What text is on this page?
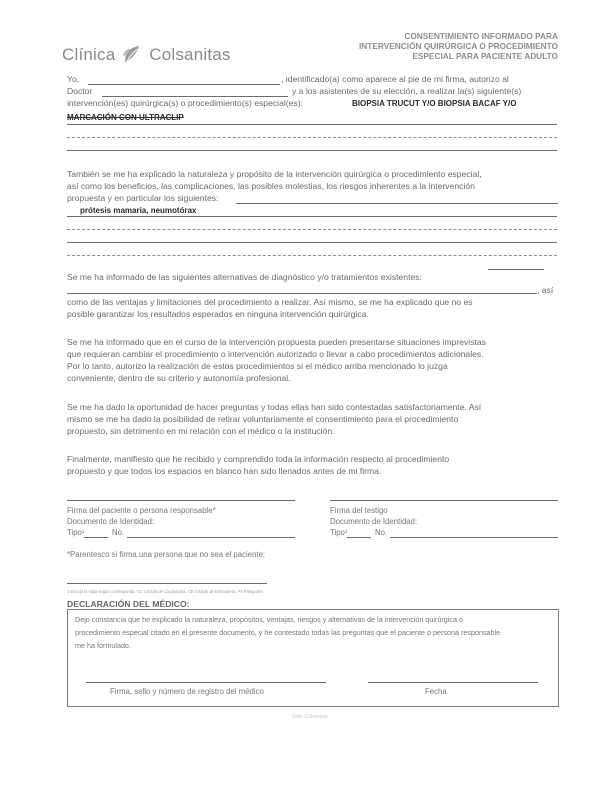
Clínica Colsanitas
CONSENTIMIENTO INFORMADO PARA
INTERVENCIÓN QUIRÚRGICA O PROCEDIMIENTO
ESPECIAL PARA PACIENTE ADULTO
Yo,	, identificado(a) como aparece al pie de mi firma, autorizo al
Doctor	y a los asistentes de su elección, a realizar la(s) siguiente(s)
intervención(es) quirúrgica(s) o procedimiento(s) especial(es):	BIOPSIA TRUCUT Y/O BIOPSIA BACAF Y/O
MARCACIÓN CON ULTRACLIP
También se me ha explicado la naturaleza y propósito de la intervención quirúrgica o procedimiento especial,
así como los beneficios, las complicaciones, las posibles molestias, los riesgos inherentes a la intervención
propuesta y en particular los siguientes:
prótesis mamaria, neumotórax
Se me ha informado de las siguientes alternativas de diagnóstico y/o tratamientos existentes:
, así
como de las ventajas y limitaciones del procedimiento a realizar. Así mismo, se me ha explicado que no es
posible garantizar los resultados esperados en ninguna intervención quirúrgica.
Se me ha informado que en el curso de la intervención propuesta pueden presentarse situaciones imprevistas
que requieran cambiar el procedimiento o intervención autorizado o llevar a cabo procedimientos adicionales.
Por lo tanto, autorizo la realización de estos procedimientos si el médico arriba mencionado lo juzga
conveniente, dentro de su criterio y autonomía profesional.
Se me ha dado la oportunidad de hacer preguntas y todas ellas han sido contestadas satisfactoriamente. Así
mismo se me ha dado la posibilidad de retirar voluntariamente el consentimiento para el procedimiento
propuesto, sin detrimento en mi relación con el médico o la institución.
Finalmente, manifiesto que he recibido y comprendido toda la información respecto al procedimiento
propuesto y que todos los espacios en blanco han sido llenados antes de mi firma.
Firma del paciente o persona responsable*
Documento de Identidad:
Tipo¹	No.
Firma del testigo
Documento de Identidad:
Tipo¹	No.
*Parentesco si firma una persona que no sea el paciente:
1 Escoja la sigla según corresponda: CC Cédula de Ciudadanía, CE Cédula de Extranjería, PA Pasaporte
DECLARACIÓN DEL MÉDICO:
Dejo constancia que he explicado la naturaleza, propósitos, ventajas, riesgos y alternativas de la intervención quirúrgica o
procedimiento especial citado en el presente documento, y he contestado todas las preguntas que el paciente o persona responsable
me ha formulado.
Firma, sello y número de registro del médico	Fecha
Sello Colsanitas
